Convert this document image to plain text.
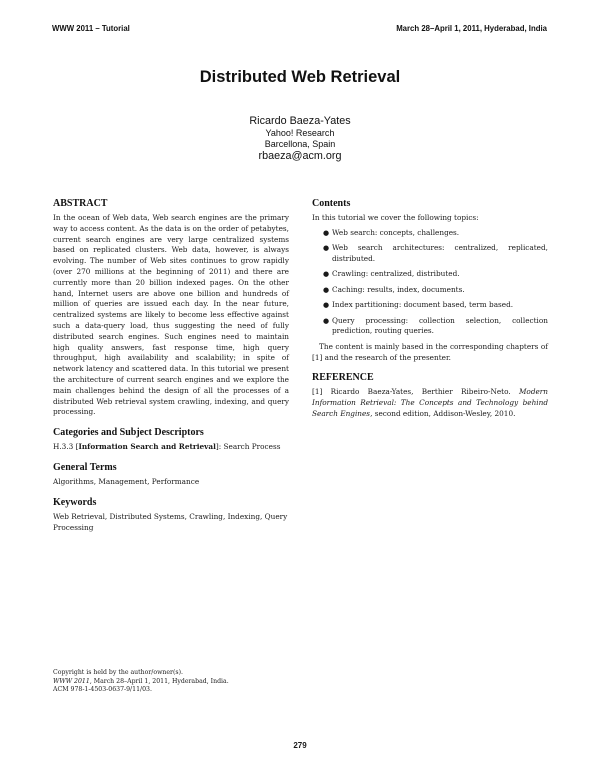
WWW 2011 – Tutorial	March 28–April 1, 2011, Hyderabad, India
Distributed Web Retrieval
Ricardo Baeza-Yates
Yahoo! Research
Barcellona, Spain
rbaeza@acm.org
ABSTRACT

In the ocean of Web data, Web search engines are the primary way to access content. As the data is on the order of petabytes, current search engines are very large centralized systems based on replicated clusters. Web data, however, is always evolving. The number of Web sites continues to grow rapidly (over 270 millions at the beginning of 2011) and there are currently more than 20 billion indexed pages. On the other hand, Internet users are above one billion and hundreds of million of queries are issued each day. In the near future, centralized systems are likely to become less effective against such a data-query load, thus suggesting the need of fully distributed search engines. Such engines need to maintain high quality answers, fast response time, high query throughput, high availability and scalability; in spite of network latency and scattered data. In this tutorial we present the architecture of current search engines and we explore the main challenges behind the design of all the processes of a distributed Web retrieval system crawling, indexing, and query processing.

Categories and Subject Descriptors

H.3.3 [Information Search and Retrieval]: Search Process

General Terms

Algorithms, Management, Performance

Keywords

Web Retrieval, Distributed Systems, Crawling, Indexing, Query Processing

Contents

In this tutorial we cover the following topics:

● Web search: concepts, challenges.
● Web search architectures: centralized, replicated, distributed.
● Crawling: centralized, distributed.
● Caching: results, index, documents.
● Index partitioning: document based, term based.
● Query processing: collection selection, collection prediction, routing queries.

The content is mainly based in the corresponding chapters of [1] and the research of the presenter.

REFERENCE

[1] Ricardo Baeza-Yates, Berthier Ribeiro-Neto. Modern Information Retrieval: The Concepts and Technology behind Search Engines, second edition, Addison-Wesley, 2010.

Copyright is held by the author/owner(s).
WWW 2011, March 28–April 1, 2011, Hyderabad, India.
ACM 978-1-4503-0637-9/11/03.
279
